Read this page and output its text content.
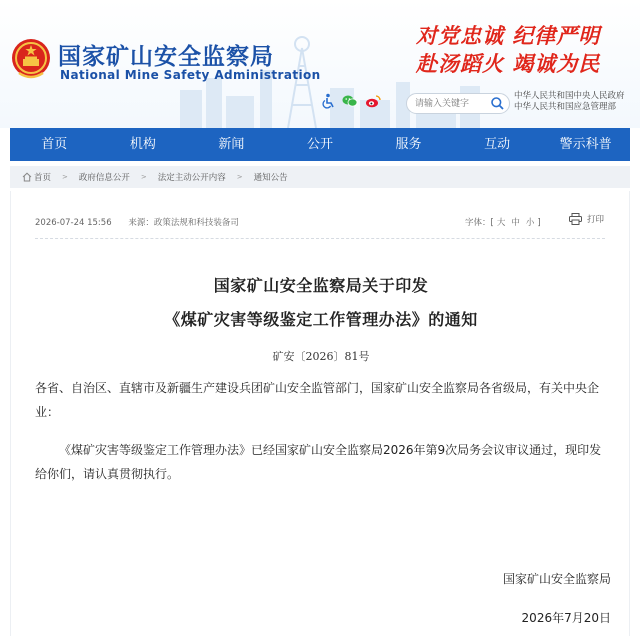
国家矿山安全监察局
National Mine Safety Administration
对党忠诚 纪律严明
赴汤蹈火 竭诚为民
请输入关键字
中华人民共和国中央人民政府
中华人民共和国应急管理部
首页	机构	新闻	公开	服务	互动	警示科普
首页 > 政府信息公开 > 法定主动公开内容 > 通知公告
2026-07-24 15:56 来源：政策法规和科技装备司	字体：[ 大 中 小 ]	打印
国家矿山安全监察局关于印发
《煤矿灾害等级鉴定工作管理办法》的通知
矿安〔2026〕81号
各省、自治区、直辖市及新疆生产建设兵团矿山安全监管部门，国家矿山安全监察局各省级局，有关中央企业：
《煤矿灾害等级鉴定工作管理办法》已经国家矿山安全监察局2026年第9次局务会议审议通过，现印发给你们，请认真贯彻执行。
国家矿山安全监察局
2026年7月20日
